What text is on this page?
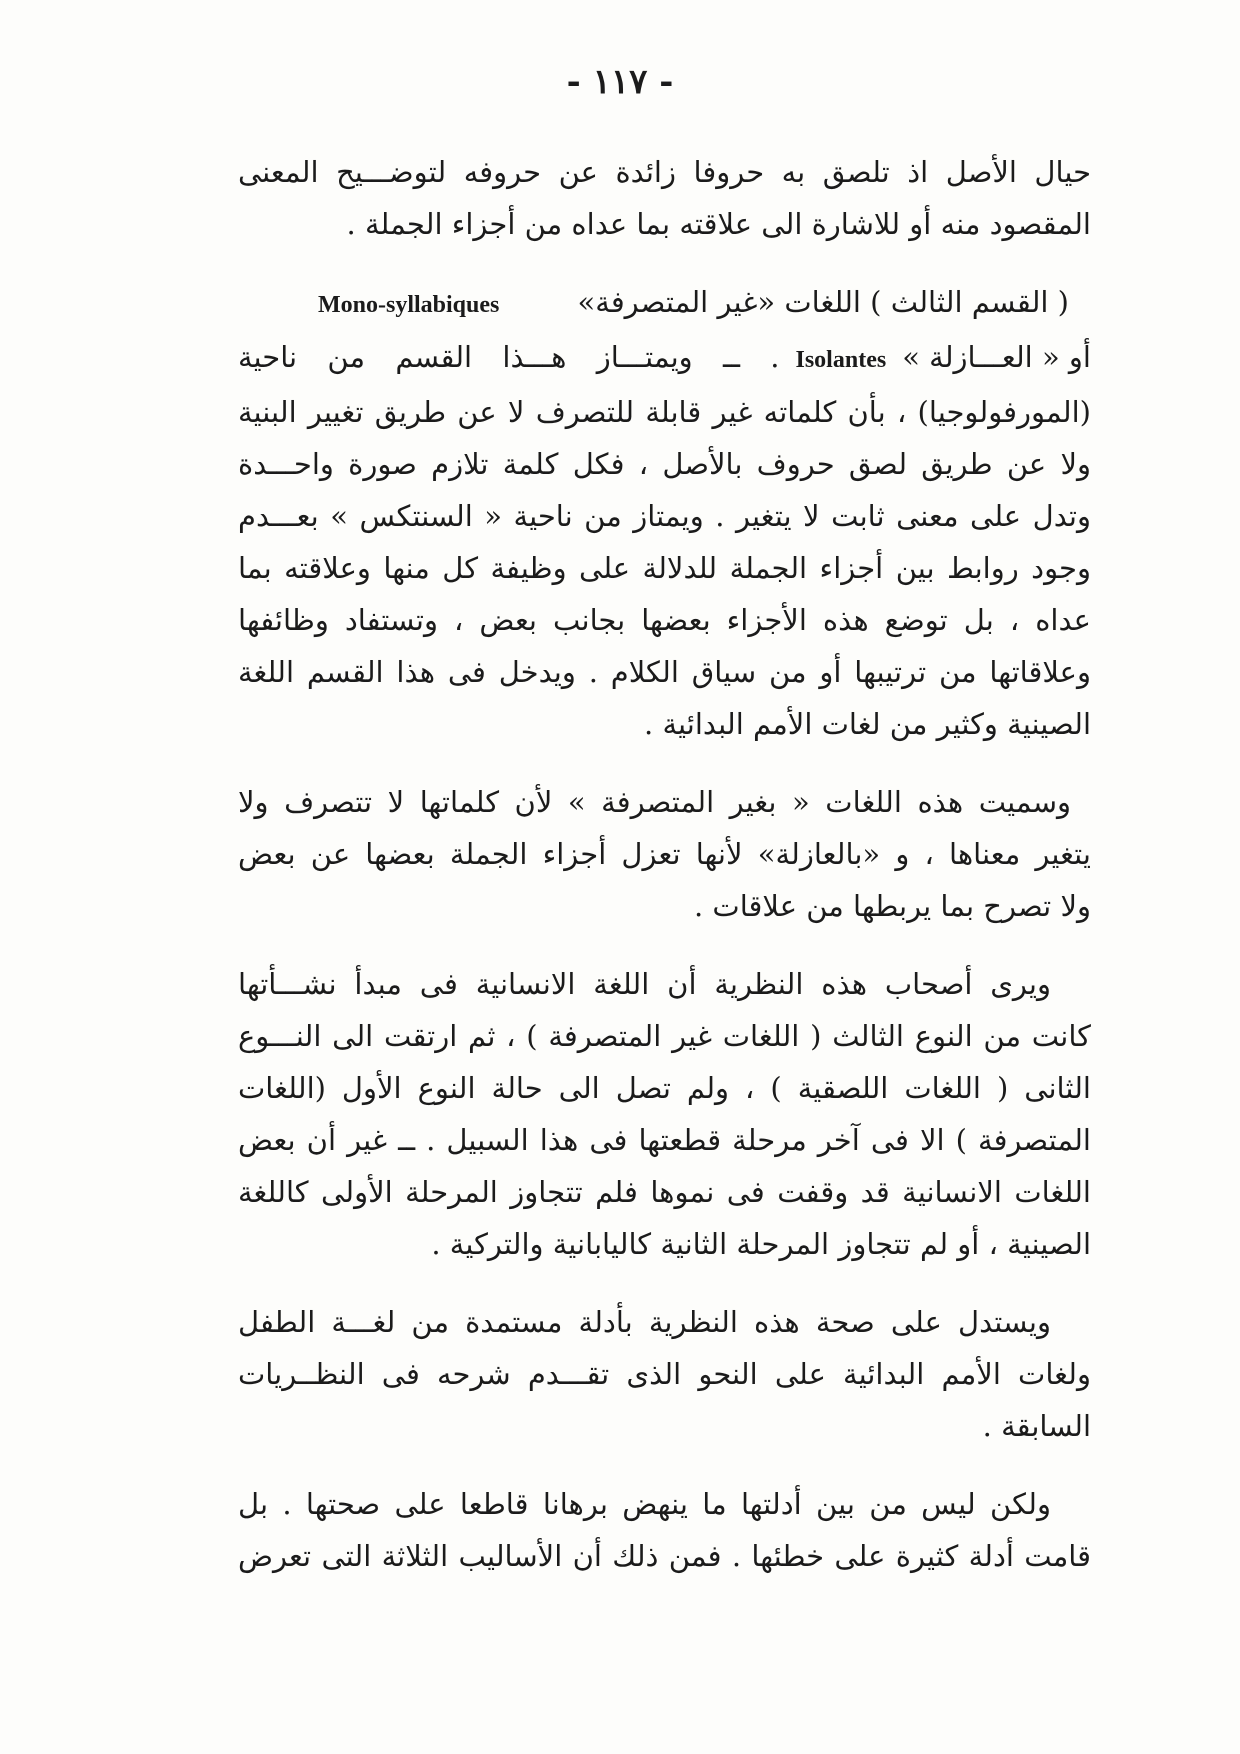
- ١١٧ -
حيال الأصل اذ تلصق به حروفا زائدة عن حروفه لتوضـــيح المعنى
المقصود منه أو للاشارة الى علاقته بما عداه من أجزاء الجملة .
( القسم الثالث ) اللغات «غير المتصرفة»
Mono-syllabiques
أو « العـــازلة »
Isolantes
. ــ ويمتـــاز هـــذا القسم من ناحية
(المورفولوجيا) ، بأن كلماته غير قابلة للتصرف لا عن طريق تغيير البنية
ولا عن طريق لصق حروف بالأصل ، فكل كلمة تلازم صورة واحـــدة
وتدل على معنى ثابت لا يتغير . ويمتاز من ناحية « السنتكس » بعـــدم
وجود روابط بين أجزاء الجملة للدلالة على وظيفة كل منها وعلاقته بما
عداه ، بل توضع هذه الأجزاء بعضها بجانب بعض ، وتستفاد وظائفها
وعلاقاتها من ترتيبها أو من سياق الكلام . ويدخل فى هذا القسم اللغة
الصينية وكثير من لغات الأمم البدائية .
وسميت هذه اللغات « بغير المتصرفة » لأن كلماتها لا تتصرف ولا
يتغير معناها ، و «بالعازلة» لأنها تعزل أجزاء الجملة بعضها عن بعض
ولا تصرح بما يربطها من علاقات .
ويرى أصحاب هذه النظرية أن اللغة الانسانية فى مبدأ نشـــأتها
كانت من النوع الثالث ( اللغات غير المتصرفة ) ، ثم ارتقت الى النـــوع
الثانى ( اللغات اللصقية ) ، ولم تصل الى حالة النوع الأول (اللغات
المتصرفة ) الا فى آخر مرحلة قطعتها فى هذا السبيل . ــ غير أن بعض
اللغات الانسانية قد وقفت فى نموها فلم تتجاوز المرحلة الأولى كاللغة
الصينية ، أو لم تتجاوز المرحلة الثانية كاليابانية والتركية .
ويستدل على صحة هذه النظرية بأدلة مستمدة من لغـــة الطفل
ولغات الأمم البدائية على النحو الذى تقـــدم شرحه فى النظــريات
السابقة .
ولكن ليس من بين أدلتها ما ينهض برهانا قاطعا على صحتها . بل
قامت أدلة كثيرة على خطئها . فمن ذلك أن الأساليب الثلاثة التى تعرض
